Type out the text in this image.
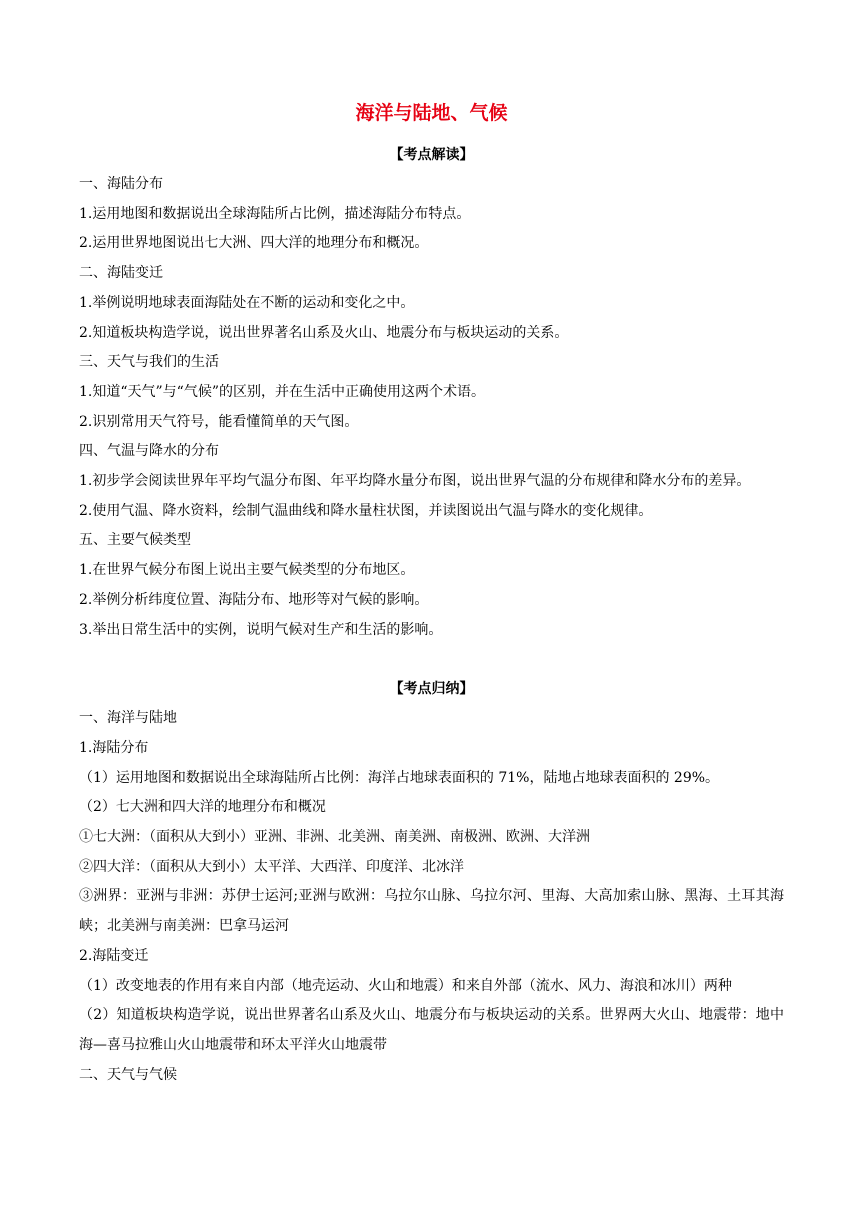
海洋与陆地、气候

【考点解读】

一、海陆分布

1.运用地图和数据说出全球海陆所占比例，描述海陆分布特点。

2.运用世界地图说出七大洲、四大洋的地理分布和概况。

二、海陆变迁

1.举例说明地球表面海陆处在不断的运动和变化之中。

2.知道板块构造学说，说出世界著名山系及火山、地震分布与板块运动的关系。

三、天气与我们的生活

1.知道“天气”与“气候”的区别，并在生活中正确使用这两个术语。

2.识别常用天气符号，能看懂简单的天气图。

四、气温与降水的分布

1.初步学会阅读世界年平均气温分布图、年平均降水量分布图，说出世界气温的分布规律和降水分布的差异。

2.使用气温、降水资料，绘制气温曲线和降水量柱状图，并读图说出气温与降水的变化规律。

五、主要气候类型

1.在世界气候分布图上说出主要气候类型的分布地区。

2.举例分析纬度位置、海陆分布、地形等对气候的影响。

3.举出日常生活中的实例，说明气候对生产和生活的影响。

【考点归纳】

一、海洋与陆地

1.海陆分布

（1）运用地图和数据说出全球海陆所占比例：海洋占地球表面积的 71%，陆地占地球表面积的 29%。

（2）七大洲和四大洋的地理分布和概况

①七大洲：（面积从大到小）亚洲、非洲、北美洲、南美洲、南极洲、欧洲、大洋洲

②四大洋：（面积从大到小）太平洋、大西洋、印度洋、北冰洋

③洲界：亚洲与非洲：苏伊士运河;亚洲与欧洲：乌拉尔山脉、乌拉尔河、里海、大高加索山脉、黑海、土耳其海峡；北美洲与南美洲：巴拿马运河

2.海陆变迁

（1）改变地表的作用有来自内部（地壳运动、火山和地震）和来自外部（流水、风力、海浪和冰川）两种

（2）知道板块构造学说，说出世界著名山系及火山、地震分布与板块运动的关系。世界两大火山、地震带：地中海—喜马拉雅山火山地震带和环太平洋火山地震带

二、天气与气候
